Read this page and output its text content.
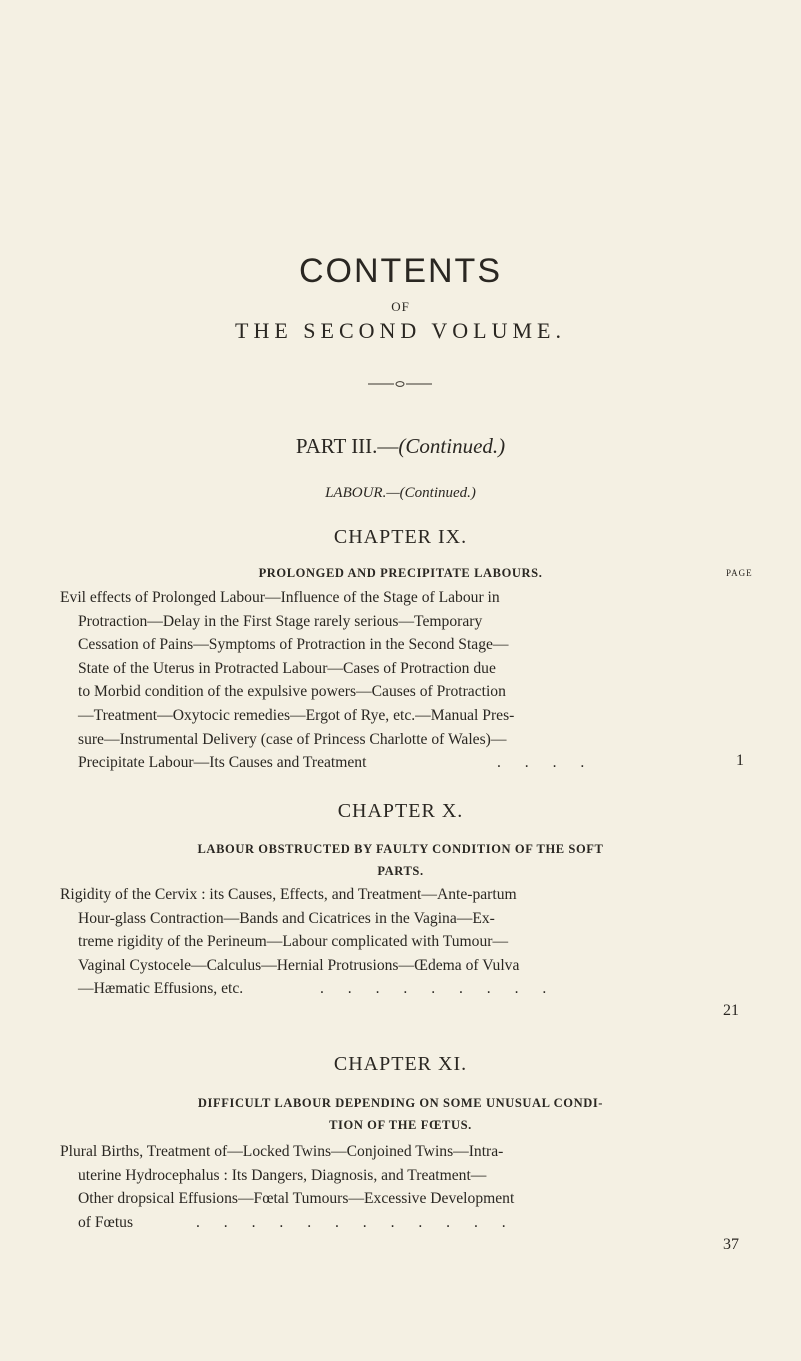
CONTENTS
OF
THE SECOND VOLUME.
PART III.—(Continued.)
LABOUR.—(Continued.)
CHAPTER IX.
PROLONGED AND PRECIPITATE LABOURS.	PAGE
Evil effects of Prolonged Labour—Influence of the Stage of Labour in
Protraction—Delay in the First Stage rarely serious—Temporary
Cessation of Pains—Symptoms of Protraction in the Second Stage—
State of the Uterus in Protracted Labour—Cases of Protraction due
to Morbid condition of the expulsive powers—Causes of Protraction
—Treatment—Oxytocic remedies—Ergot of Rye, etc.—Manual Pres-
sure—Instrumental Delivery (case of Princess Charlotte of Wales)—
Precipitate Labour—Its Causes and Treatment	. . . .	1
CHAPTER X.
LABOUR OBSTRUCTED BY FAULTY CONDITION OF THE SOFT
PARTS.
Rigidity of the Cervix : its Causes, Effects, and Treatment—Ante-partum
Hour-glass Contraction—Bands and Cicatrices in the Vagina—Ex-
treme rigidity of the Perineum—Labour complicated with Tumour—
Vaginal Cystocele—Calculus—Hernial Protrusions—Œdema of Vulva
—Hæmatic Effusions, etc.	. . . . . . . . .
21
CHAPTER XI.
DIFFICULT LABOUR DEPENDING ON SOME UNUSUAL CONDI-
TION OF THE FŒTUS.
Plural Births, Treatment of—Locked Twins—Conjoined Twins—Intra-
uterine Hydrocephalus : Its Dangers, Diagnosis, and Treatment—
Other dropsical Effusions—Fœtal Tumours—Excessive Development
of Fœtus	. . . . . . . . . . . .
37
